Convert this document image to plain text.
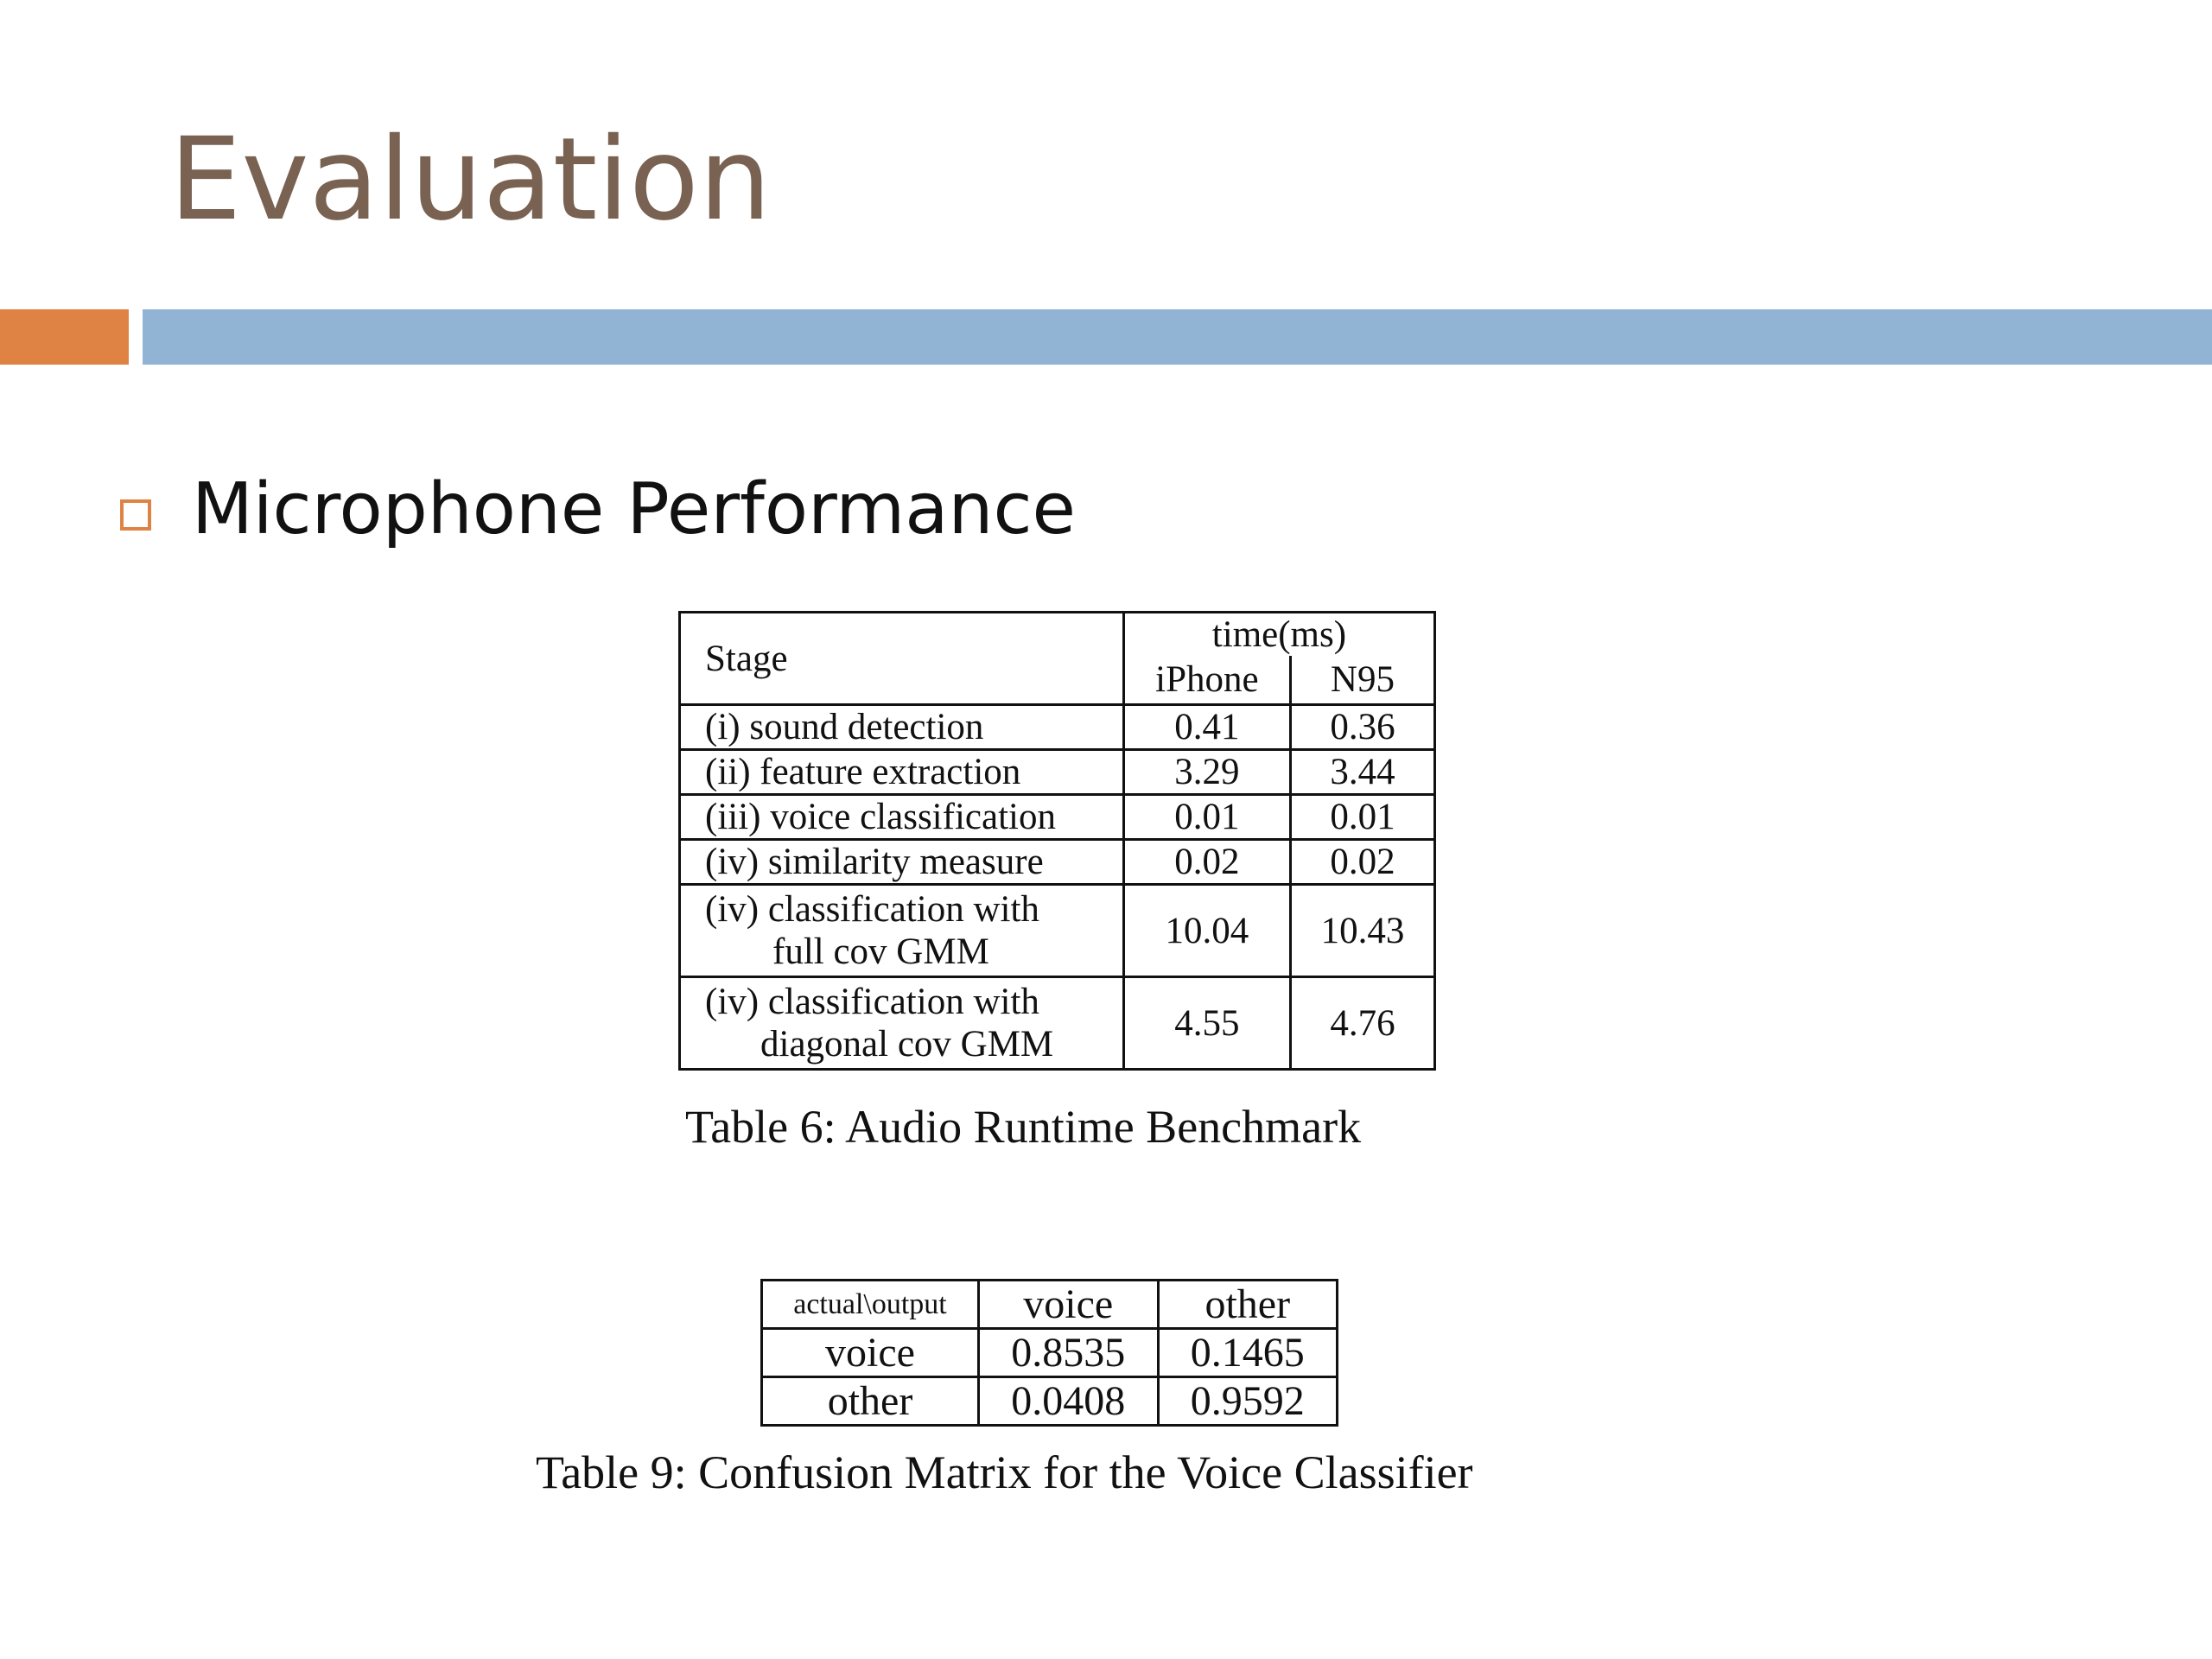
Evaluation
Microphone Performance
Stage	time(ms)	
	iPhone	N95
(i) sound detection	0.41	0.36
(ii) feature extraction	3.29	3.44
(iii) voice classification	0.01	0.01
(iv) similarity measure	0.02	0.02
(iv) classification with
full cov GMM	10.04	10.43
(iv) classification with
diagonal cov GMM	4.55	4.76
Table 6: Audio Runtime Benchmark
actual\output	voice	other
voice	0.8535	0.1465
other	0.0408	0.9592
Table 9: Confusion Matrix for the Voice Classifier
